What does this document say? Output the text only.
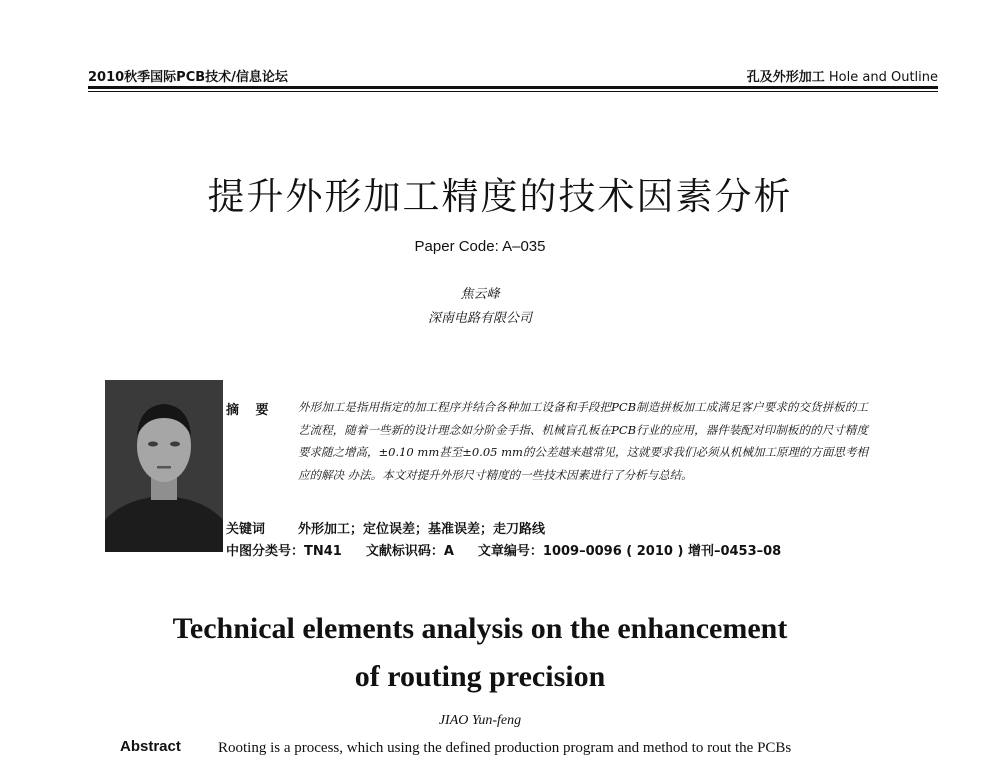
2010秋季国际PCB技术/信息论坛	孔及外形加工 Hole and Outline
提升外形加工精度的技术因素分析
Paper Code: A–035
焦云峰
深南电路有限公司
摘 要 外形加工是指用指定的加工程序并结合各种加工设备和手段把PCB制造拼板加工成满足客户要求的交货拼板的工艺流程，随着一些新的设计理念如分阶金手指、机械盲孔板在PCB行业的应用，器件装配对印制板的的尺寸精度要求随之增高，±0.10 mm甚至±0.05 mm的公差越来越常见，这就要求我们必须从机械加工原理的方面思考相应的解决 办法。本文对提升外形尺寸精度的一些技术因素进行了分析与总结。
关键词	外形加工；定位误差；基准误差；走刀路线
中图分类号：TN41 文献标识码：A 文章编号：1009–0096 ( 2010 ) 增刊–0453–08
Technical elements analysis on the enhancement
of routing precision
JIAO Yun-feng
Abstract Rooting is a process, which using the defined production program and method to rout the PCBs
